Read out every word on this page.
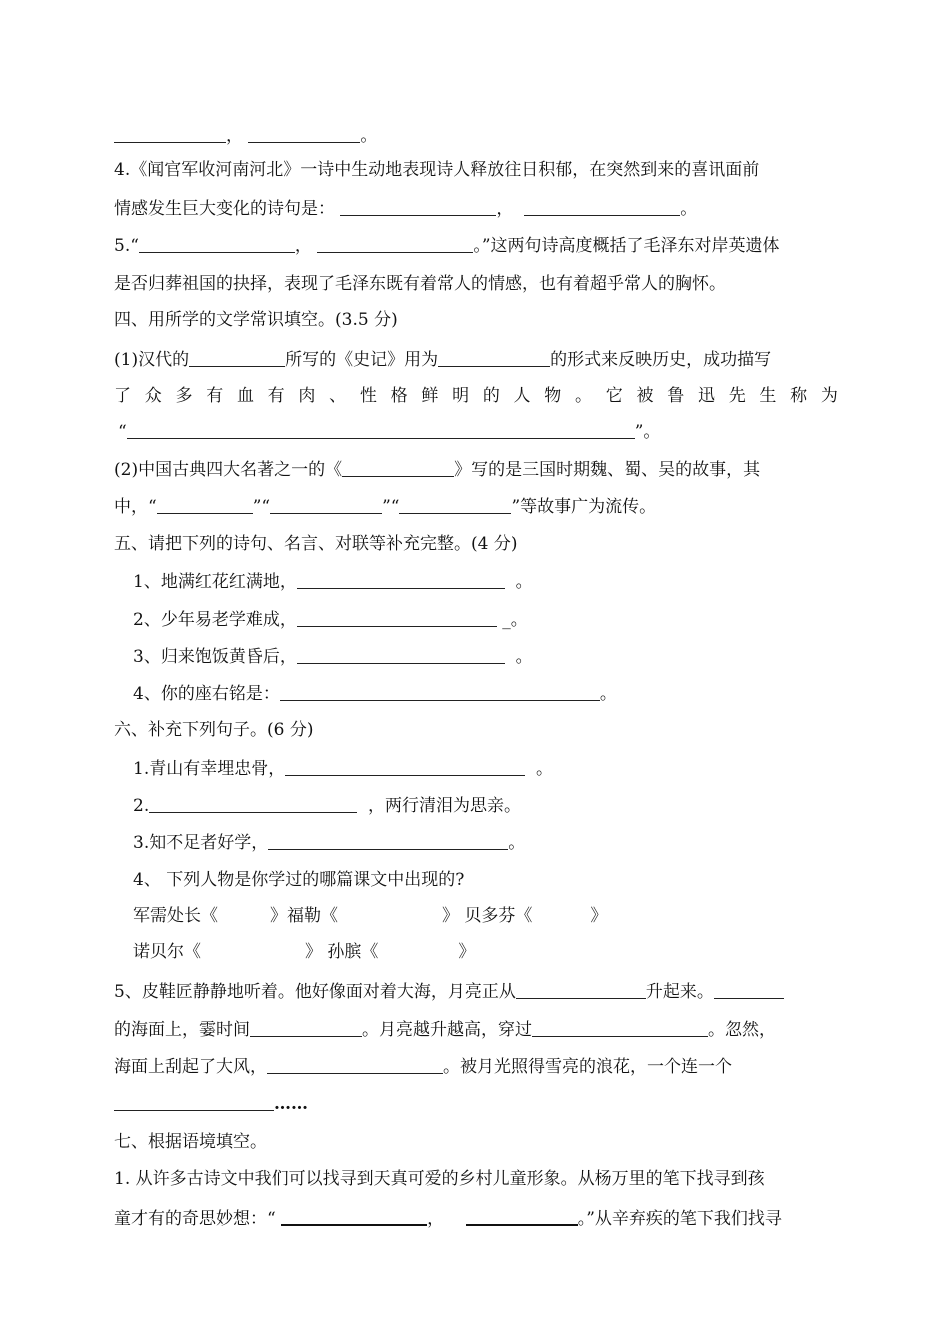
，	。
4.《闻官军收河南河北》一诗中生动地表现诗人释放往日积郁，在突然到来的喜讯面前
情感发生巨大变化的诗句是：	，	。
5.“	，	。”这两句诗高度概括了毛泽东对岸英遗体
是否归葬祖国的抉择，表现了毛泽东既有着常人的情感，也有着超乎常人的胸怀。
四、用所学的文学常识填空。(3.5 分)
(1)汉代的	所写的《史记》用为	的形式来反映历史，成功描写
了 众 多 有 血 有 肉 、 性 格 鲜 明 的 人 物 。 它 被 鲁 迅 先 生 称 为
“	”。
(2)中国古典四大名著之一的《	》写的是三国时期魏、蜀、吴的故事，其
中，“	”“	”“	”等故事广为流传。
五、请把下列的诗句、名言、对联等补充完整。(4 分)
1、地满红花红满地，	。
2、少年易老学难成，	_。
3、归来饱饭黄昏后，	。
4、你的座右铭是：	。
六、补充下列句子。(6 分)
1.青山有幸埋忠骨，	。
2.	，两行清泪为思亲。
3.知不足者好学，	。
4、 下列人物是你学过的哪篇课文中出现的?
军需处长《	》福勒《	》 贝多芬《	》
诺贝尔《	》 孙膑《	》
5、皮鞋匠静静地听着。他好像面对着大海，月亮正从	升起来。
的海面上，霎时间	。月亮越升越高，穿过	。忽然，
海面上刮起了大风，	。被月光照得雪亮的浪花，一个连一个
……
七、根据语境填空。
1. 从许多古诗文中我们可以找寻到天真可爱的乡村儿童形象。从杨万里的笔下找寻到孩
童才有的奇思妙想：“	，	。”从辛弃疾的笔下我们找寻
